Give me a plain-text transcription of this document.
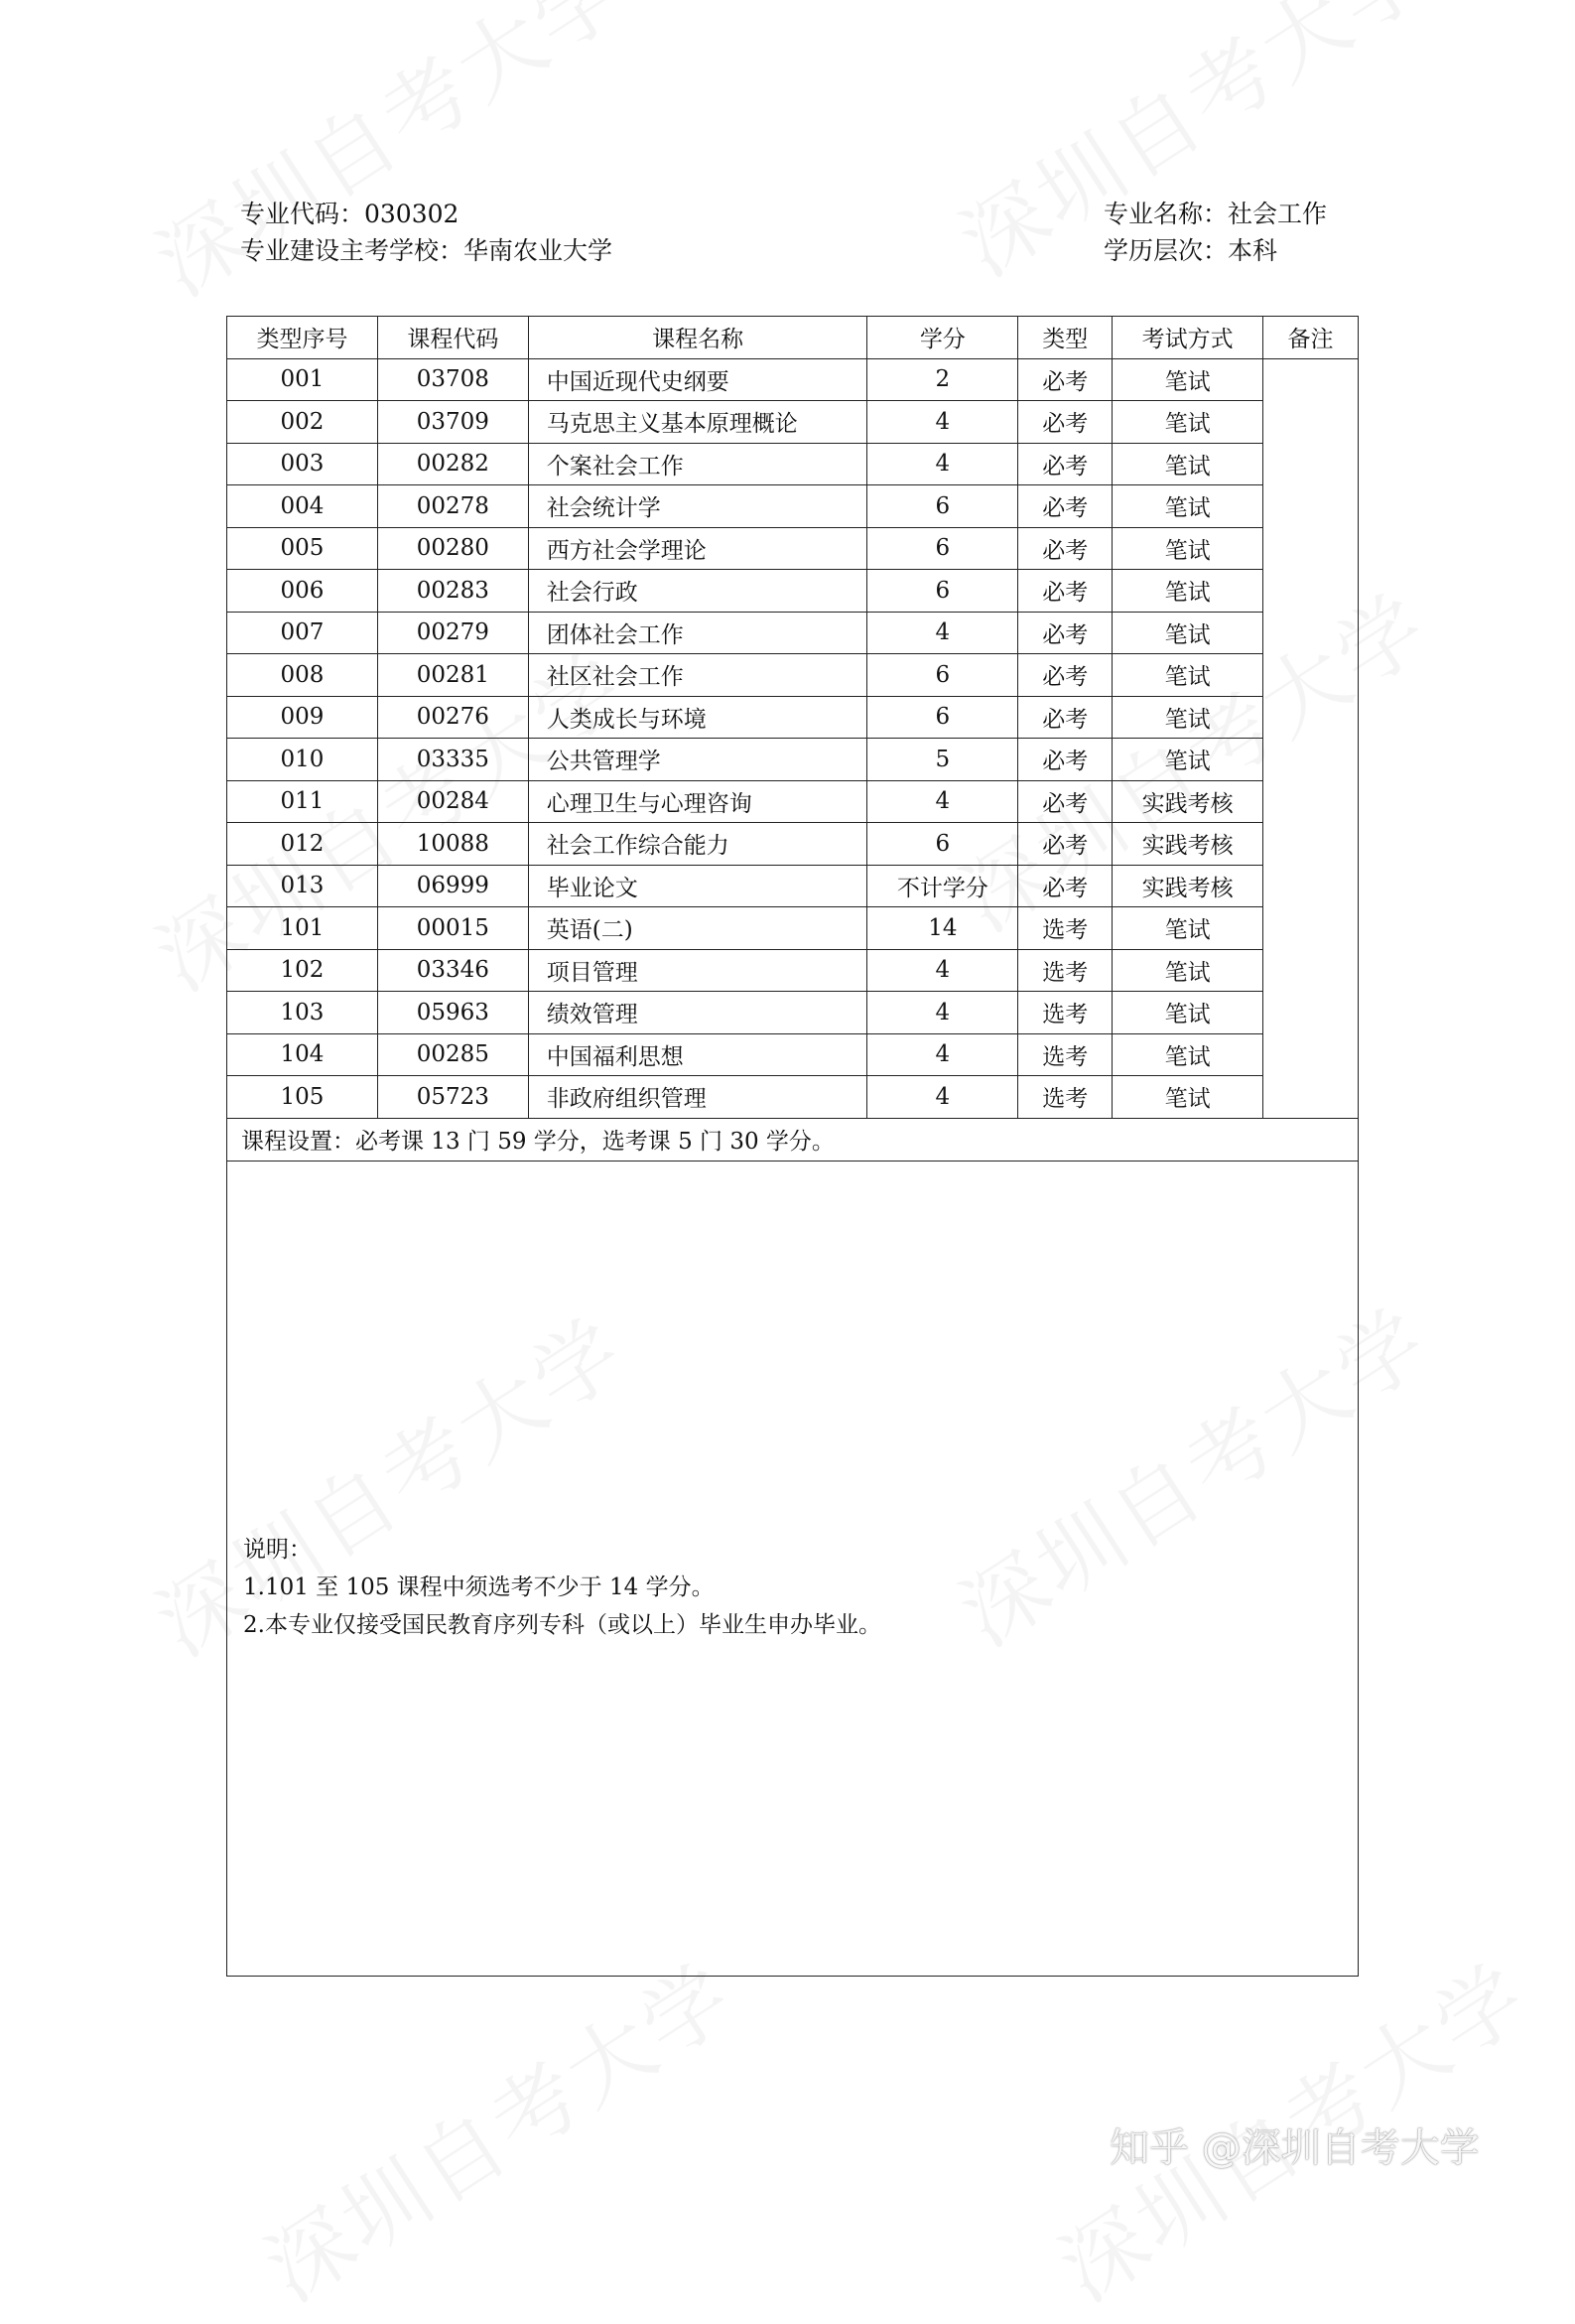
专业代码：030302	专业名称：社会工作
专业建设主考学校：华南农业大学	学历层次：本科
类型序号	课程代码	课程名称	学分	类型	考试方式	备注
001	03708	中国近现代史纲要	2	必考	笔试	
002	03709	马克思主义基本原理概论	4	必考	笔试	
003	00282	个案社会工作	4	必考	笔试	
004	00278	社会统计学	6	必考	笔试	
005	00280	西方社会学理论	6	必考	笔试	
006	00283	社会行政	6	必考	笔试	
007	00279	团体社会工作	4	必考	笔试	
008	00281	社区社会工作	6	必考	笔试	
009	00276	人类成长与环境	6	必考	笔试	
010	03335	公共管理学	5	必考	笔试	
011	00284	心理卫生与心理咨询	4	必考	实践考核	
012	10088	社会工作综合能力	6	必考	实践考核	
013	06999	毕业论文	不计学分	必考	实践考核	
101	00015	英语(二)	14	选考	笔试	
102	03346	项目管理	4	选考	笔试	
103	05963	绩效管理	4	选考	笔试	
104	00285	中国福利思想	4	选考	笔试	
105	05723	非政府组织管理	4	选考	笔试	
课程设置：必考课 13 门 59 学分，选考课 5 门 30 学分。						

说明：
1.101 至 105 课程中须选考不少于 14 学分。
2.本专业仅接受国民教育序列专科（或以上）毕业生申办毕业。						
知乎 @深圳自考大学
